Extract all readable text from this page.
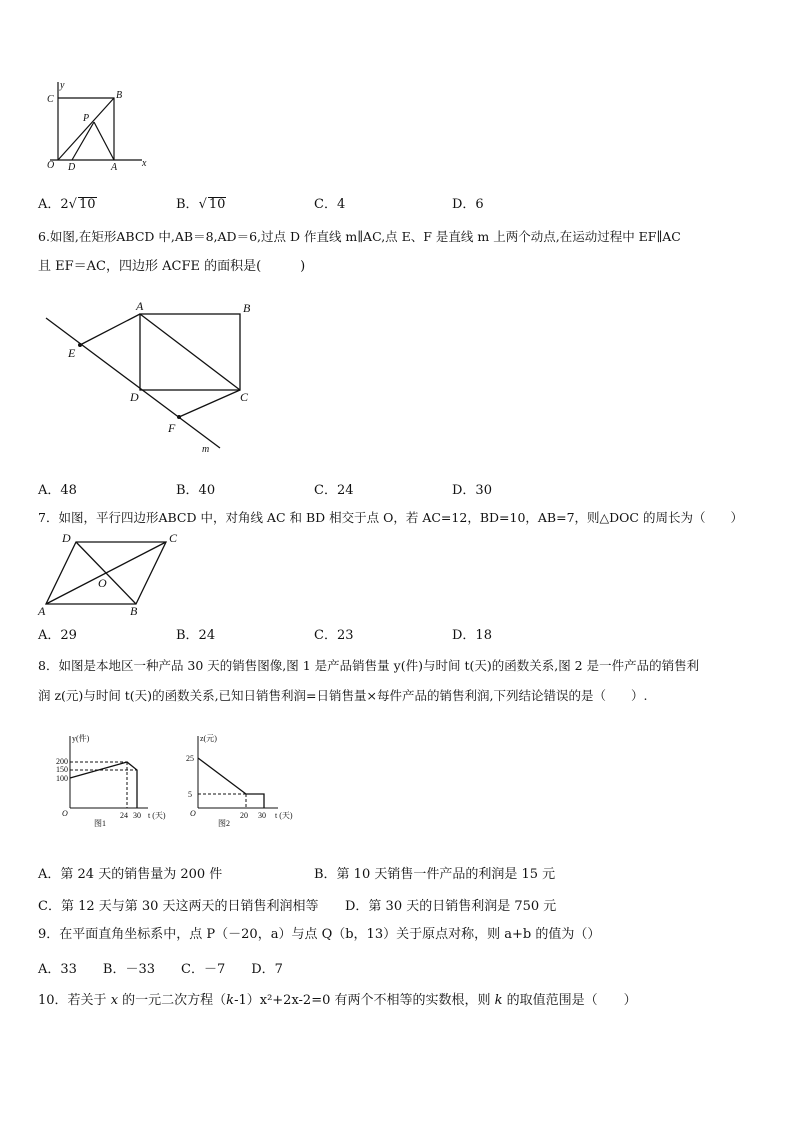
y
x
C	B
P
O D	A
A．2√ 10	B．√ 10	C．4	D．6
6.如图,在矩形ABCD 中,AB＝8,AD＝6,过点 D 作直线 m∥AC,点 E、F 是直线 m 上两个动点,在运动过程中 EF∥AC
且 EF＝AC，四边形 ACFE 的面积是(　　　)
A	B
C
D
E
F
m
A．48	B．40	C．24	D．30
7．如图，平行四边形ABCD 中，对角线 AC 和 BD 相交于点 O，若 AC=12，BD=10，AB=7，则△DOC 的周长为（　　）
D	C
O
A	B
A．29	B．24	C．23	D．18
8．如图是本地区一种产品 30 天的销售图像,图 1 是产品销售量 y(件)与时间 t(天)的函数关系,图 2 是一件产品的销售利
润 z(元)与时间 t(天)的函数关系,已知日销售利润=日销售量×每件产品的销售利润,下列结论错误的是（　　）.
y(件)
200
150
100
O	24 30 t (天)
图1
z(元)
25
5
O	20 30 t (天)
图2
A．第 24 天的销售量为 200 件	B．第 10 天销售一件产品的利润是 15 元
C．第 12 天与第 30 天这两天的日销售利润相等 D．第 30 天的日销售利润是 750 元
9．在平面直角坐标系中，点 P（－20，a）与点 Q（b，13）关于原点对称，则 a+b 的值为（）
A．33　　B．－33　　C．－7　　D．7
10．若关于 x 的一元二次方程（k-1）x²+2x-2=0 有两个不相等的实数根，则 k 的取值范围是（　　）
